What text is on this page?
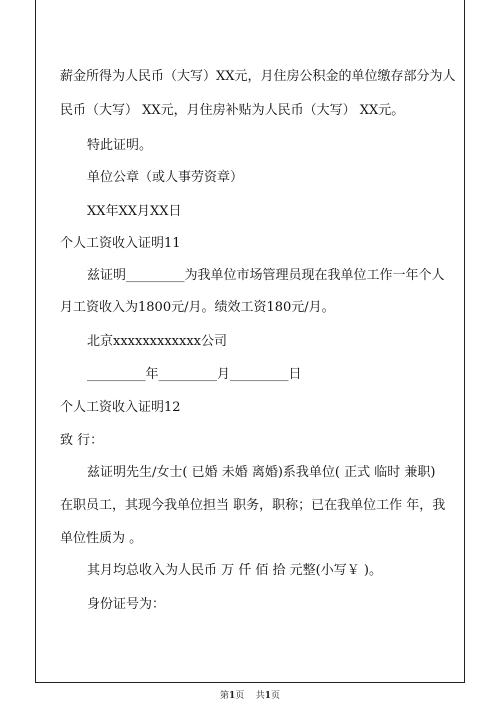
薪金所得为人民币（大写）XX元，月住房公积金的单位缴存部分为人
民币（大写） XX元，月住房补贴为人民币（大写） XX元。
特此证明。
单位公章（或人事劳资章）
XX年XX月XX日
个人工资收入证明11
兹证明_________为我单位市场管理员现在我单位工作一年个人
月工资收入为1800元/月。绩效工资180元/月。
北京xxxxxxxxxxxx公司
_________年_________月_________日
个人工资收入证明12
致 行：
兹证明先生/女士( 已婚 未婚 离婚)系我单位( 正式 临时 兼职)
在职员工，其现今我单位担当 职务，职称；已在我单位工作 年，我
单位性质为 。
其月均总收入为人民币 万 仟 佰 拾 元整(小写￥ )。
身份证号为：
第1页 共1页
